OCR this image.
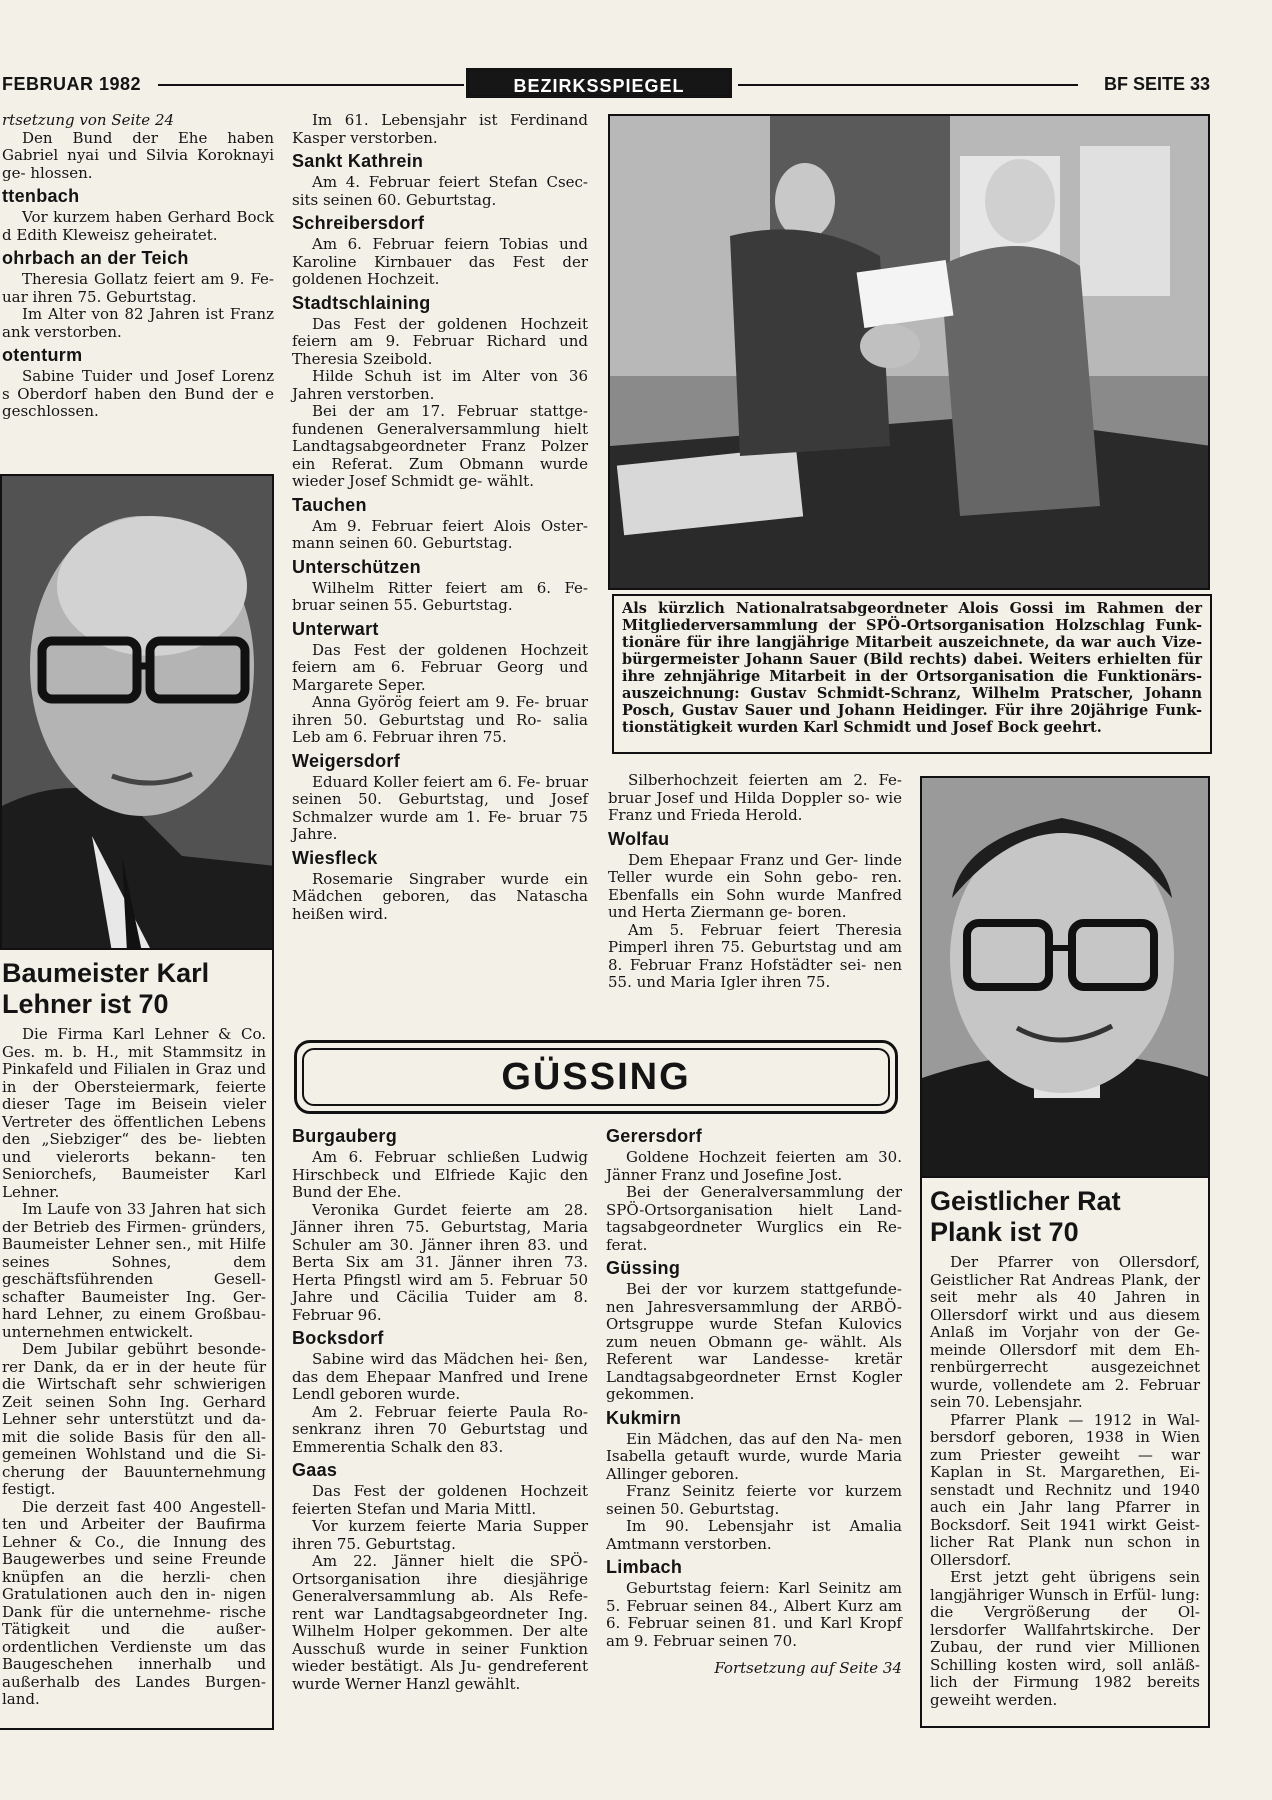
FEBRUAR 1982	BEZIRKSSPIEGEL	BF SEITE 33

rtsetzung von Seite 24

Den Bund der Ehe haben Gabriel nyai und Silvia Koroknayi ge- hlossen.

ttenbach

Vor kurzem haben Gerhard Bock d Edith Kleweisz geheiratet.

ohrbach an der Teich

Theresia Gollatz feiert am 9. Fe- uar ihren 75. Geburtstag.

Im Alter von 82 Jahren ist Franz ank verstorben.

otenturm

Sabine Tuider und Josef Lorenz s Oberdorf haben den Bund der e geschlossen.

Baumeister Karl

Lehner ist 70

Die Firma Karl Lehner & Co. Ges. m. b. H., mit Stammsitz in Pinkafeld und Filialen in Graz und in der Obersteiermark, feierte dieser Tage im Beisein vieler Vertreter des öffentlichen Lebens den „Siebziger“ des be- liebten und vielerorts bekann- ten Seniorchefs, Baumeister Karl Lehner.

Im Laufe von 33 Jahren hat sich der Betrieb des Firmen- gründers, Baumeister Lehner sen., mit Hilfe seines Sohnes, dem geschäftsführenden Gesell- schafter Baumeister Ing. Ger- hard Lehner, zu einem Großbau- unternehmen entwickelt.

Dem Jubilar gebührt besonde- rer Dank, da er in der heute für die Wirtschaft sehr schwierigen Zeit seinen Sohn Ing. Gerhard Lehner sehr unterstützt und da- mit die solide Basis für den all- gemeinen Wohlstand und die Si- cherung der Bauunternehmung festigt.

Die derzeit fast 400 Angestell- ten und Arbeiter der Baufirma Lehner & Co., die Innung des Baugewerbes und seine Freunde knüpfen an die herzli- chen Gratulationen auch den in- nigen Dank für die unternehme- rische Tätigkeit und die außer- ordentlichen Verdienste um das Baugeschehen innerhalb und außerhalb des Landes Burgen- land.

Im 61. Lebensjahr ist Ferdinand Kasper verstorben.

Sankt Kathrein

Am 4. Februar feiert Stefan Csec- sits seinen 60. Geburtstag.

Schreibersdorf

Am 6. Februar feiern Tobias und Karoline Kirnbauer das Fest der goldenen Hochzeit.

Stadtschlaining

Das Fest der goldenen Hochzeit feiern am 9. Februar Richard und Theresia Szeibold.

Hilde Schuh ist im Alter von 36 Jahren verstorben.

Bei der am 17. Februar stattge- fundenen Generalversammlung hielt Landtagsabgeordneter Franz Polzer ein Referat. Zum Obmann wurde wieder Josef Schmidt ge- wählt.

Tauchen

Am 9. Februar feiert Alois Oster- mann seinen 60. Geburtstag.

Unterschützen

Wilhelm Ritter feiert am 6. Fe- bruar seinen 55. Geburtstag.

Unterwart

Das Fest der goldenen Hochzeit feiern am 6. Februar Georg und Margarete Seper.

Anna Györög feiert am 9. Fe- bruar ihren 50. Geburtstag und Ro- salia Leb am 6. Februar ihren 75.

Weigersdorf

Eduard Koller feiert am 6. Fe- bruar seinen 50. Geburtstag, und Josef Schmalzer wurde am 1. Fe- bruar 75 Jahre.

Wiesfleck

Rosemarie Singraber wurde ein Mädchen geboren, das Natascha heißen wird.

Als kürzlich Nationalratsabgeordneter Alois Gossi im Rahmen der Mitgliederversammlung der SPÖ-Ortsorganisation Holzschlag Funk- tionäre für ihre langjährige Mitarbeit auszeichnete, da war auch Vize- bürgermeister Johann Sauer (Bild rechts) dabei. Weiters erhielten für ihre zehnjährige Mitarbeit in der Ortsorganisation die Funktionärs- auszeichnung: Gustav Schmidt-Schranz, Wilhelm Pratscher, Johann Posch, Gustav Sauer und Johann Heidinger. Für ihre 20jährige Funk- tionstätigkeit wurden Karl Schmidt und Josef Bock geehrt.

Silberhochzeit feierten am 2. Fe- bruar Josef und Hilda Doppler so- wie Franz und Frieda Herold.

Wolfau

Dem Ehepaar Franz und Ger- linde Teller wurde ein Sohn gebo- ren. Ebenfalls ein Sohn wurde Manfred und Herta Ziermann ge- boren.

Am 5. Februar feiert Theresia Pimperl ihren 75. Geburtstag und am 8. Februar Franz Hofstädter sei- nen 55. und Maria Igler ihren 75.

GÜSSING
Burgauberg

Am 6. Februar schließen Ludwig Hirschbeck und Elfriede Kajic den Bund der Ehe.

Veronika Gurdet feierte am 28. Jänner ihren 75. Geburtstag, Maria Schuler am 30. Jänner ihren 83. und Berta Six am 31. Jänner ihren 73. Herta Pfingstl wird am 5. Februar 50 Jahre und Cäcilia Tuider am 8. Februar 96.

Bocksdorf

Sabine wird das Mädchen hei- ßen, das dem Ehepaar Manfred und Irene Lendl geboren wurde.

Am 2. Februar feierte Paula Ro- senkranz ihren 70 Geburtstag und Emmerentia Schalk den 83.

Gaas

Das Fest der goldenen Hochzeit feierten Stefan und Maria Mittl.

Vor kurzem feierte Maria Supper ihren 75. Geburtstag.

Am 22. Jänner hielt die SPÖ- Ortsorganisation ihre diesjährige Generalversammlung ab. Als Refe- rent war Landtagsabgeordneter Ing. Wilhelm Holper gekommen. Der alte Ausschuß wurde in seiner Funktion wieder bestätigt. Als Ju- gendreferent wurde Werner Hanzl gewählt.

Gerersdorf

Goldene Hochzeit feierten am 30. Jänner Franz und Josefine Jost.

Bei der Generalversammlung der SPÖ-Ortsorganisation hielt Land- tagsabgeordneter Wurglics ein Re- ferat.

Güssing

Bei der vor kurzem stattgefunde- nen Jahresversammlung der ARBÖ-Ortsgruppe wurde Stefan Kulovics zum neuen Obmann ge- wählt. Als Referent war Landesse- kretär Landtagsabgeordneter Ernst Kogler gekommen.

Kukmirn

Ein Mädchen, das auf den Na- men Isabella getauft wurde, wurde Maria Allinger geboren.

Franz Seinitz feierte vor kurzem seinen 50. Geburtstag.

Im 90. Lebensjahr ist Amalia Amtmann verstorben.

Limbach

Geburtstag feiern: Karl Seinitz am 5. Februar seinen 84., Albert Kurz am 6. Februar seinen 81. und Karl Kropf am 9. Februar seinen 70.

Fortsetzung auf Seite 34

Geistlicher Rat

Plank ist 70

Der Pfarrer von Ollersdorf, Geistlicher Rat Andreas Plank, der seit mehr als 40 Jahren in Ollersdorf wirkt und aus diesem Anlaß im Vorjahr von der Ge- meinde Ollersdorf mit dem Eh- renbürgerrecht ausgezeichnet wurde, vollendete am 2. Februar sein 70. Lebensjahr.

Pfarrer Plank — 1912 in Wal- bersdorf geboren, 1938 in Wien zum Priester geweiht — war Kaplan in St. Margarethen, Ei- senstadt und Rechnitz und 1940 auch ein Jahr lang Pfarrer in Bocksdorf. Seit 1941 wirkt Geist- licher Rat Plank nun schon in Ollersdorf.

Erst jetzt geht übrigens sein langjähriger Wunsch in Erfül- lung: die Vergrößerung der Ol- lersdorfer Wallfahrtskirche. Der Zubau, der rund vier Millionen Schilling kosten wird, soll anläß- lich der Firmung 1982 bereits geweiht werden.
